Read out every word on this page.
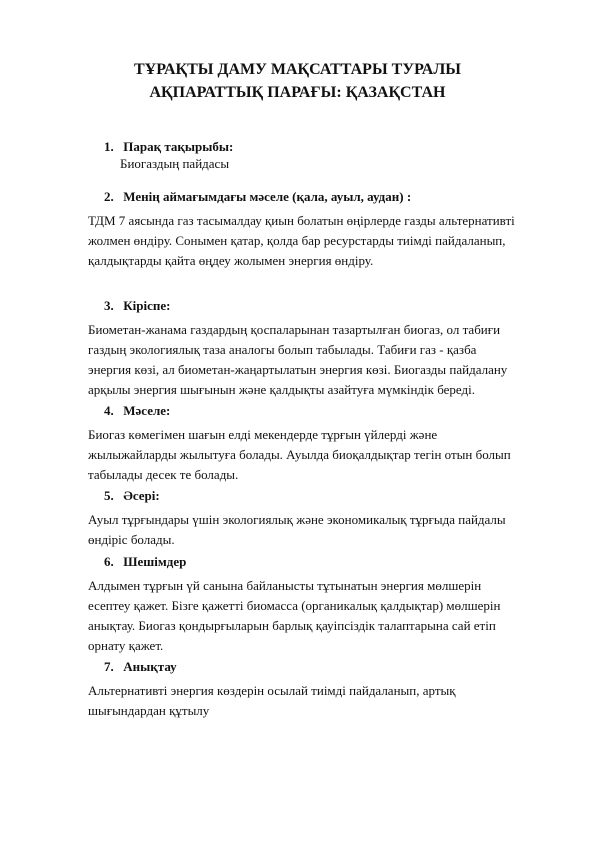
ТҰРАҚТЫ ДАМУ МАҚСАТТАРЫ ТУРАЛЫ
АҚПАРАТТЫҚ ПАРАҒЫ: ҚАЗАҚСТАН
1. Парақ тақырыбы:
Биогаздың пайдасы
2. Менің аймағымдағы мәселе (қала, ауыл, аудан) :

ТДМ 7 аясында газ тасымалдау қиын болатын өңірлерде газды альтернативті
жолмен өндіру. Сонымен қатар, қолда бар ресурстарды тиімді пайдаланып,
қалдықтарды қайта өңдеу жолымен энергия өндіру.

3. Кіріспе:

Биометан-жанама газдардың қоспаларынан тазартылған биогаз, ол табиғи
газдың экологиялық таза аналогы болып табылады. Табиғи газ - қазба
энергия көзі, ал биометан-жаңартылатын энергия көзі. Биогазды пайдалану
арқылы энергия шығынын және қалдықты азайтуға мүмкіндік береді.

4. Мәселе:

Биогаз көмегімен шағын елді мекендерде тұрғын үйлерді және
жылыжайларды жылытуға болады. Ауылда биоқалдықтар тегін отын болып
табылады десек те болады.

5. Әсері:

Ауыл тұрғындары үшін экологиялық және экономикалық тұрғыда пайдалы
өндіріс болады.

6. Шешімдер

Алдымен тұрғын үй санына байланысты тұтынатын энергия мөлшерін
есептеу қажет. Бізге қажетті биомасса (органикалық қалдықтар) мөлшерін
анықтау. Биогаз қондырғыларын барлық қауіпсіздік талаптарына сай етіп
орнату қажет.

7. Анықтау

Альтернативті энергия көздерін осылай тиімді пайдаланып, артық
шығындардан құтылу
